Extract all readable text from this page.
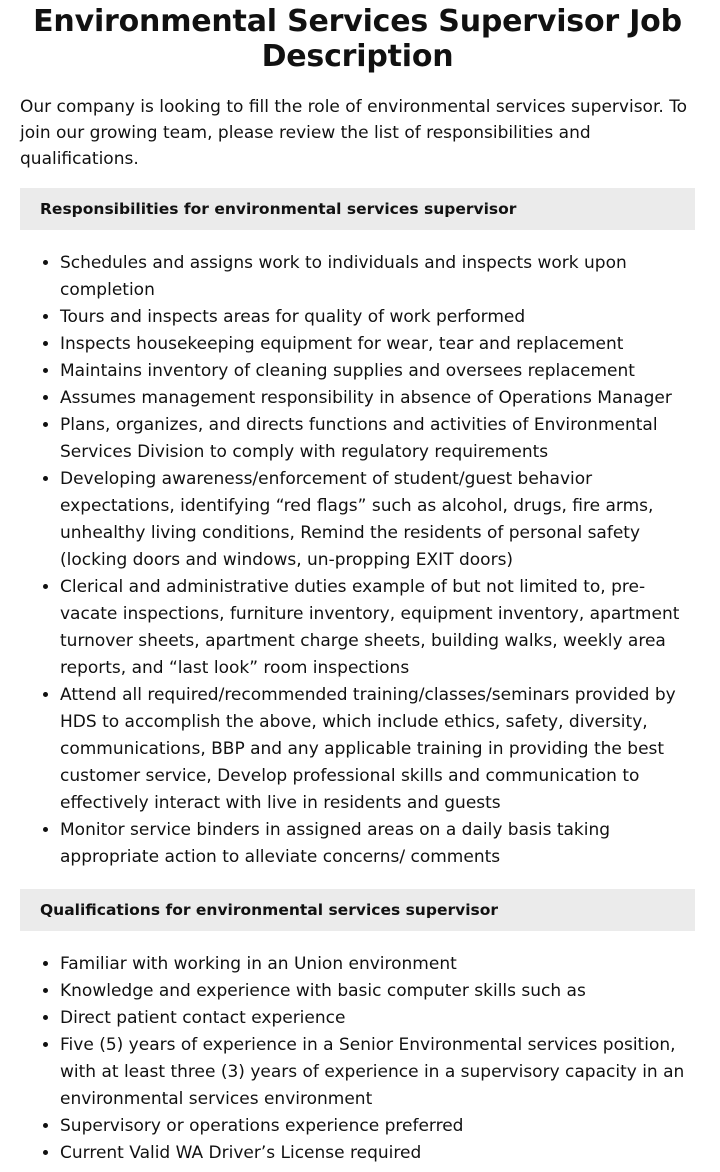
Environmental Services Supervisor Job Description

Our company is looking to fill the role of environmental services supervisor. To join our growing team, please review the list of responsibilities and qualifications.

Responsibilities for environmental services supervisor
• Schedules and assigns work to individuals and inspects work upon completion
• Tours and inspects areas for quality of work performed
• Inspects housekeeping equipment for wear, tear and replacement
• Maintains inventory of cleaning supplies and oversees replacement
• Assumes management responsibility in absence of Operations Manager
• Plans, organizes, and directs functions and activities of Environmental Services Division to comply with regulatory requirements
• Developing awareness/enforcement of student/guest behavior expectations, identifying “red flags” such as alcohol, drugs, fire arms, unhealthy living conditions, Remind the residents of personal safety (locking doors and windows, un-propping EXIT doors)
• Clerical and administrative duties example of but not limited to, pre-vacate inspections, furniture inventory, equipment inventory, apartment turnover sheets, apartment charge sheets, building walks, weekly area reports, and “last look” room inspections
• Attend all required/recommended training/classes/seminars provided by HDS to accomplish the above, which include ethics, safety, diversity, communications, BBP and any applicable training in providing the best customer service, Develop professional skills and communication to effectively interact with live in residents and guests
• Monitor service binders in assigned areas on a daily basis taking appropriate action to alleviate concerns/ comments
Qualifications for environmental services supervisor
• Familiar with working in an Union environment
• Knowledge and experience with basic computer skills such as
• Direct patient contact experience
• Five (5) years of experience in a Senior Environmental services position, with at least three (3) years of experience in a supervisory capacity in an environmental services environment
• Supervisory or operations experience preferred
• Current Valid WA Driver’s License required
